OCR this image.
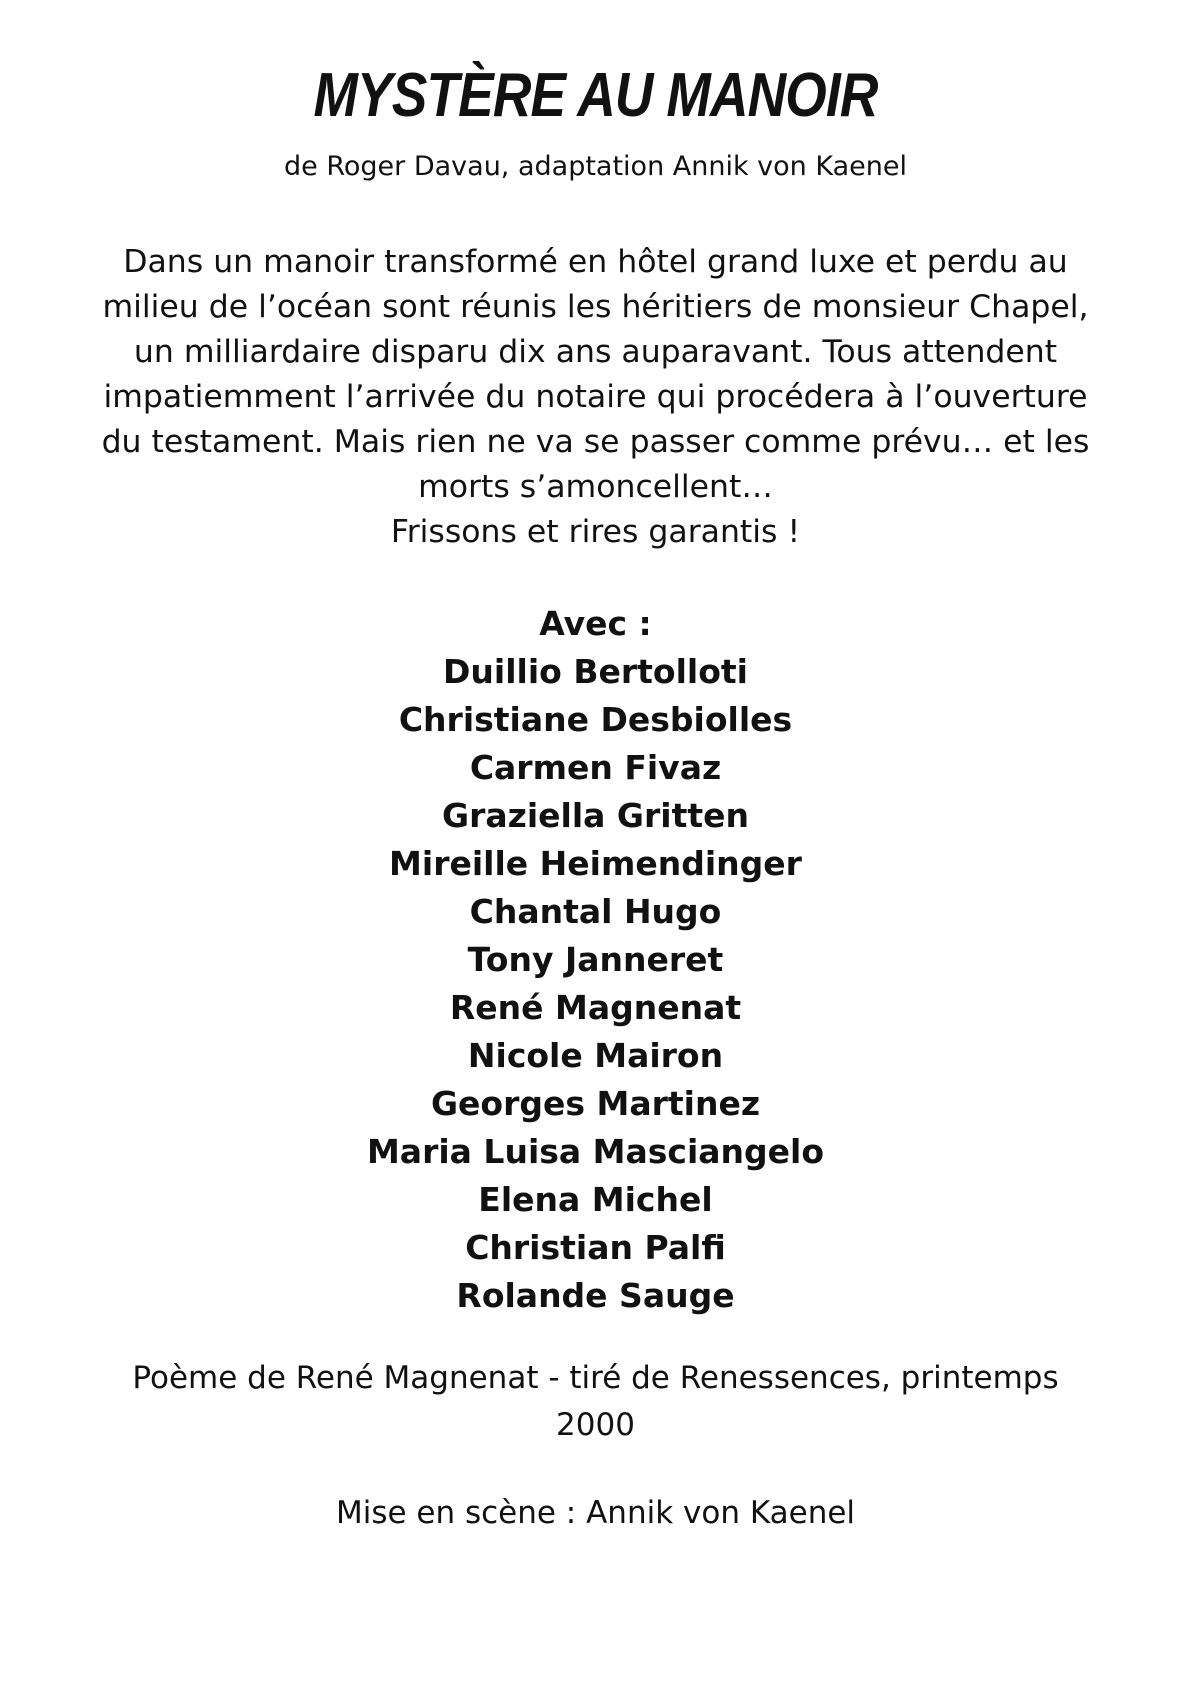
MYSTÈRE AU MANOIR
de Roger Davau, adaptation Annik von Kaenel

Dans un manoir transformé en hôtel grand luxe et perdu au milieu de l’océan sont réunis les héritiers de monsieur Chapel, un milliardaire disparu dix ans auparavant. Tous attendent impatiemment l’arrivée du notaire qui procédera à l’ouverture du testament. Mais rien ne va se passer comme prévu… et les morts s’amoncellent…

Frissons et rires garantis !

Avec :
Duillio Bertolloti
Christiane Desbiolles
Carmen Fivaz
Graziella Gritten
Mireille Heimendinger
Chantal Hugo
Tony Janneret
René Magnenat
Nicole Mairon
Georges Martinez
Maria Luisa Masciangelo
Elena Michel
Christian Palfi
Rolande Sauge
Poème de René Magnenat - tiré de Renessences, printemps 2000
Mise en scène : Annik von Kaenel
